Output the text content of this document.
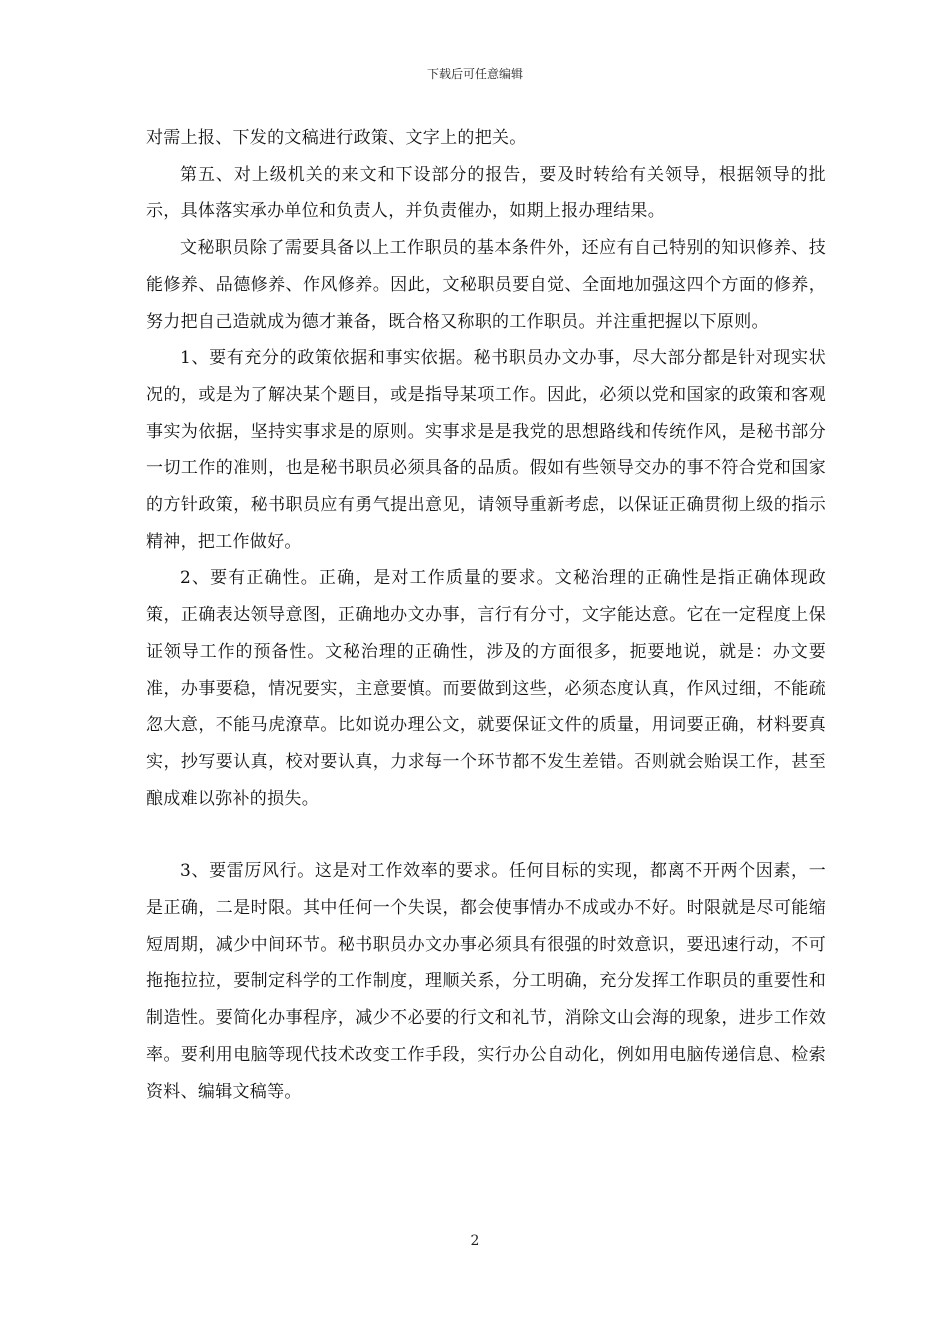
下载后可任意编辑

对需上报、下发的文稿进行政策、文字上的把关。

第五、对上级机关的来文和下设部分的报告，要及时转给有关领导，根据领导的批示，具体落实承办单位和负责人，并负责催办，如期上报办理结果。

文秘职员除了需要具备以上工作职员的基本条件外，还应有自己特别的知识修养、技能修养、品德修养、作风修养。因此，文秘职员要自觉、全面地加强这四个方面的修养，努力把自己造就成为德才兼备，既合格又称职的工作职员。并注重把握以下原则。

1、要有充分的政策依据和事实依据。秘书职员办文办事，尽大部分都是针对现实状况的，或是为了解决某个题目，或是指导某项工作。因此，必须以党和国家的政策和客观事实为依据，坚持实事求是的原则。实事求是是我党的思想路线和传统作风，是秘书部分一切工作的准则，也是秘书职员必须具备的品质。假如有些领导交办的事不符合党和国家的方针政策，秘书职员应有勇气提出意见，请领导重新考虑，以保证正确贯彻上级的指示精神，把工作做好。

2、要有正确性。正确，是对工作质量的要求。文秘治理的正确性是指正确体现政策，正确表达领导意图，正确地办文办事，言行有分寸，文字能达意。它在一定程度上保证领导工作的预备性。文秘治理的正确性，涉及的方面很多，扼要地说，就是：办文要准，办事要稳，情况要实，主意要慎。而要做到这些，必须态度认真，作风过细，不能疏忽大意，不能马虎潦草。比如说办理公文，就要保证文件的质量，用词要正确，材料要真实，抄写要认真，校对要认真，力求每一个环节都不发生差错。否则就会贻误工作，甚至酿成难以弥补的损失。

3、要雷厉风行。这是对工作效率的要求。任何目标的实现，都离不开两个因素，一是正确，二是时限。其中任何一个失误，都会使事情办不成或办不好。时限就是尽可能缩短周期，减少中间环节。秘书职员办文办事必须具有很强的时效意识，要迅速行动，不可拖拖拉拉，要制定科学的工作制度，理顺关系，分工明确，充分发挥工作职员的重要性和制造性。要简化办事程序，减少不必要的行文和礼节，消除文山会海的现象，进步工作效率。要利用电脑等现代技术改变工作手段，实行办公自动化，例如用电脑传递信息、检索资料、编辑文稿等。

2
